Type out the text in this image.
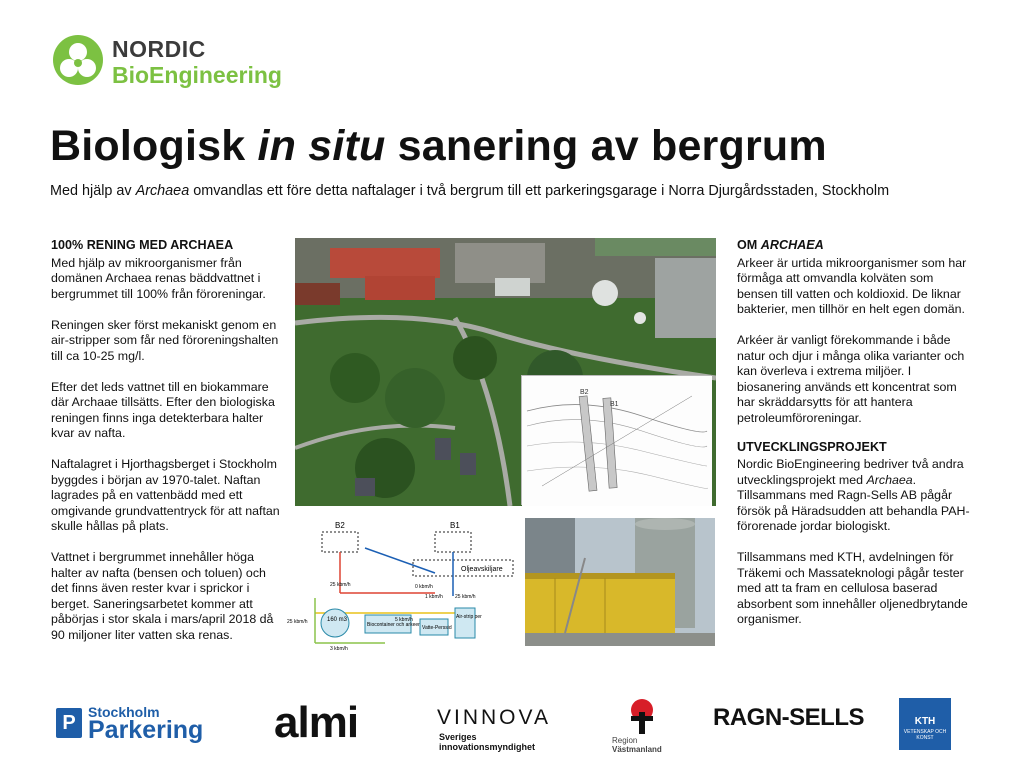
NORDIC
BioEngineering
Biologisk in situ sanering av bergrum
Med hjälp av Archaea omvandlas ett före detta naftalager i två bergrum till ett parkeringsgarage i Norra Djurgårdsstaden, Stockholm
100% RENING MED ARCHAEA

Med hjälp av mikroorganismer från domänen Archaea renas bäddvattnet i bergrummet till 100% från föroreningar.

Reningen sker först mekaniskt genom en air-stripper som får ned föroreningshalten till ca 10-25 mg/l.

Efter det leds vattnet till en biokammare där Archaae tillsätts. Efter den biologiska reningen finns inga detekterbara halter kvar av nafta.

Naftalagret i Hjorthagsberget i Stockholm byggdes i början av 1970-talet. Naftan lagrades på en vattenbädd med ett omgivande grundvattentryck för att naftan skulle hållas på plats.

Vattnet i bergrummet innehåller höga halter av nafta (bensen och toluen) och det finns även rester kvar i sprickor i berget. Saneringsarbetet kommer att påbörjas i stor skala i mars/april 2018 då 90 miljoner liter vatten ska renas.

B2
B1
B2	B1
Oljeavskiljare
160 m3
Biocontainer och arkeer Vatte-Perssid
Air-strip per
25 kbm/h	0 kbm/h
1 kbm/h 25 kbm/h
25 kbm/h
3 kbm/h
5 kbm/h
OM ARCHAEA

Arkeer är urtida mikroorganismer som har förmåga att omvandla kolväten som bensen till vatten och koldioxid. De liknar bakterier, men tillhör en helt egen domän.

Arkéer är vanligt förekommande i både natur och djur i många olika varianter och kan överleva i extrema miljöer. I biosanering används ett koncentrat som har skräddarsytts för att hantera petroleumföroreningar.

UTVECKLINGSPROJEKT

Nordic BioEngineering bedriver två andra utvecklingsprojekt med Archaea. Tillsammans med Ragn-Sells AB pågår försök på Häradsudden att behandla PAH-förorenade jordar biologiskt.

Tillsammans med KTH, avdelningen för Träkemi och Massateknologi pågår tester med att ta fram en cellulosa baserad absorbent som innehåller oljenedbrytande organismer.

P Stockholm
Parkering almi	VINNOVA
Sveriges innovationsmyndighet
Region
Västmanland
RAGN-SELLS	KTH
VETENSKAP OCH KONST
